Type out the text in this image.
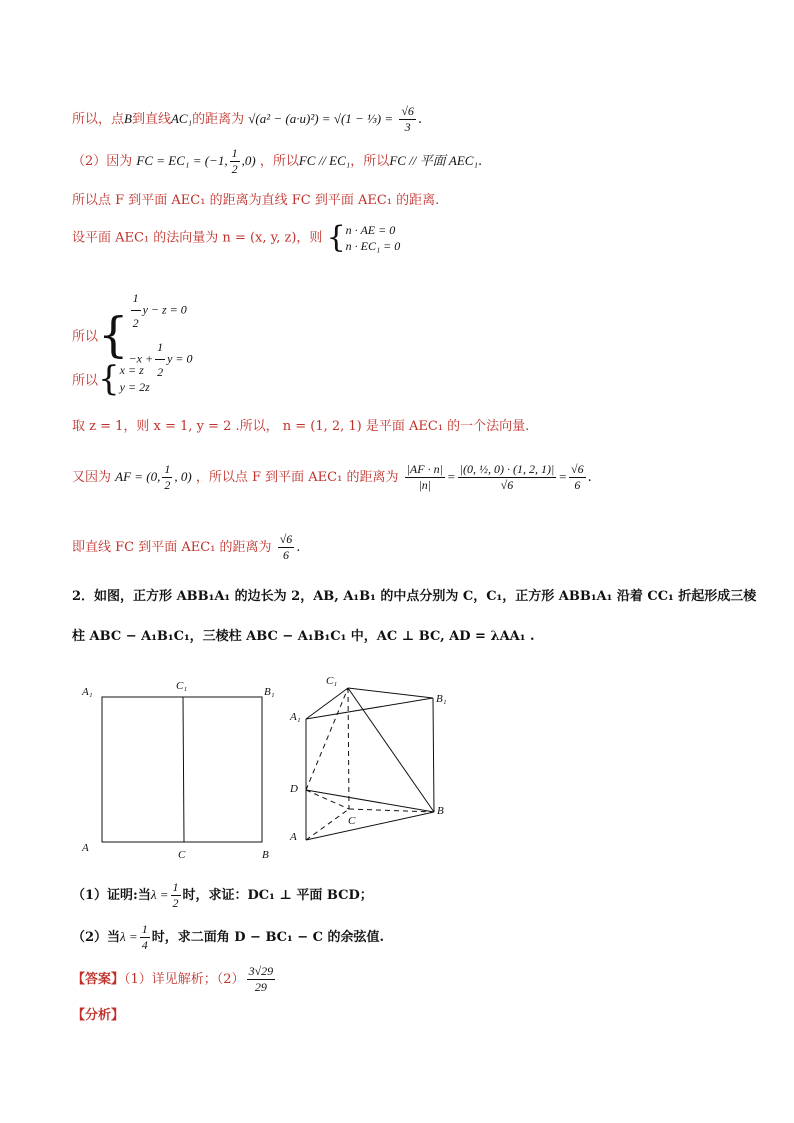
所以，点B到直线AC₁的距离为 √(a² − (a·u)²) = √(1 − ⅓) = $\frac{√6}{3}$ .
（2）因为 FC = EC₁ = (−1, $\frac{1}{2} ,0$) ，所以FC // EC₁，所以FC // 平面 AEC₁.
所以点 F 到平面 AEC₁ 的距离为直线 FC 到平面 AEC₁ 的距离.
设平面 AEC₁ 的法向量为 n = (x, y, z)，则 { n · AE = 0
n · EC₁ = 0
所以{ $\frac{1}{2}$ y − z = 0
$-x + \frac{1}{2}$ y = 0
所以{ x = z
y = 2z
取 z = 1，则 x = 1, y = 2 .所以， n = (1, 2, 1) 是平面 AEC₁ 的一个法向量.
又因为 AF = (0, $\frac{1}{2}$ , 0) ，所以点 F 到平面 AEC₁ 的距离为 $\frac{|AF \cdot n|}{|n|} = \frac{\text{|(0, ½, 0) · (1, 2, 1)|}}{√6} = \frac{√6}{6}$ .
即直线 FC 到平面 AEC₁ 的距离为 $\frac{√6}{6}$ .
2．如图，正方形 ABB₁A₁ 的边长为 2，AB, A₁B₁ 的中点分别为 C，C₁，正方形 ABB₁A₁ 沿着 CC₁ 折起形成三棱
柱 ABC − A₁B₁C₁，三棱柱 ABC − A₁B₁C₁ 中，AC ⊥ BC, AD = λAA₁ .
A₁	C₁	B₁
A
C	B
C₁
B₁
A₁
D
B
C
A
（1）证明:当$\lambda = \frac{1}{2}$ 时，求证：DC₁ ⊥ 平面 BCD；
（2）当$\lambda = \frac{1}{4}$ 时，求二面角 D − BC₁ − C 的余弦值.
【答案】（1）详见解析；$(2) \frac{3√29}{29}$
【分析】
